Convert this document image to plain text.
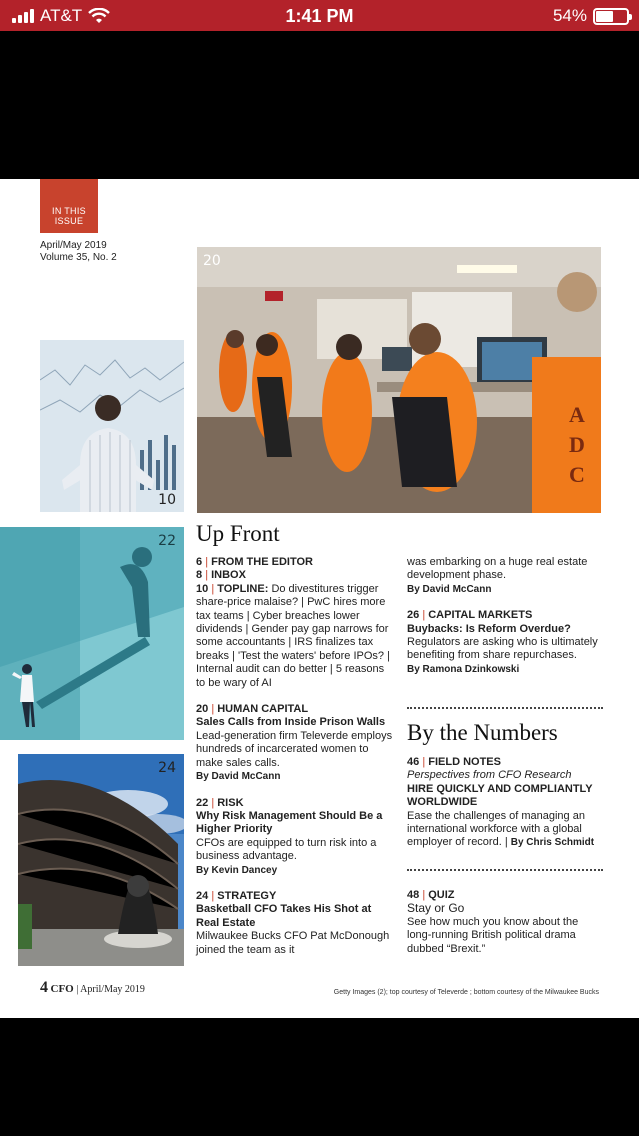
AT&T	1:41 PM	54%
IN THIS ISSUE
April/May 2019
Volume 35, No. 2
A
D
C
20
10
22
24
Up Front
6 | FROM THE EDITOR
8 | INBOX
10 | TOPLINE: Do divestitures trigger share-price malaise? | PwC hires more tax teams | Cyber breaches lower dividends | Gender pay gap narrows for some accountants | IRS finalizes tax breaks | 'Test the waters' before IPOs? | Internal audit can do better | 5 reasons to be wary of AI
20 | HUMAN CAPITAL
Sales Calls from Inside Prison Walls
Lead-generation firm Televerde employs hundreds of incarcerated women to make sales calls.
By David McCann
22 | RISK
Why Risk Management Should Be a Higher Priority
CFOs are equipped to turn risk into a business advantage.
By Kevin Dancey
24 | STRATEGY
Basketball CFO Takes His Shot at Real Estate
Milwaukee Bucks CFO Pat McDonough joined the team as it
was embarking on a huge real estate development phase.
By David McCann
26 | CAPITAL MARKETS
Buybacks: Is Reform Overdue?
Regulators are asking who is ultimately benefiting from share repurchases.
By Ramona Dzinkowski
By the Numbers
46 | FIELD NOTES
Perspectives from CFO Research
HIRE QUICKLY AND COMPLIANTLY WORLDWIDE
Ease the challenges of managing an international workforce with a global employer of record. | By Chris Schmidt
48 | QUIZ
Stay or Go
See how much you know about the long-running British political drama dubbed “Brexit.”
4 CFO | April/May 2019	Getty Images (2); top courtesy of Televerde ; bottom courtesy of the Milwaukee Bucks
